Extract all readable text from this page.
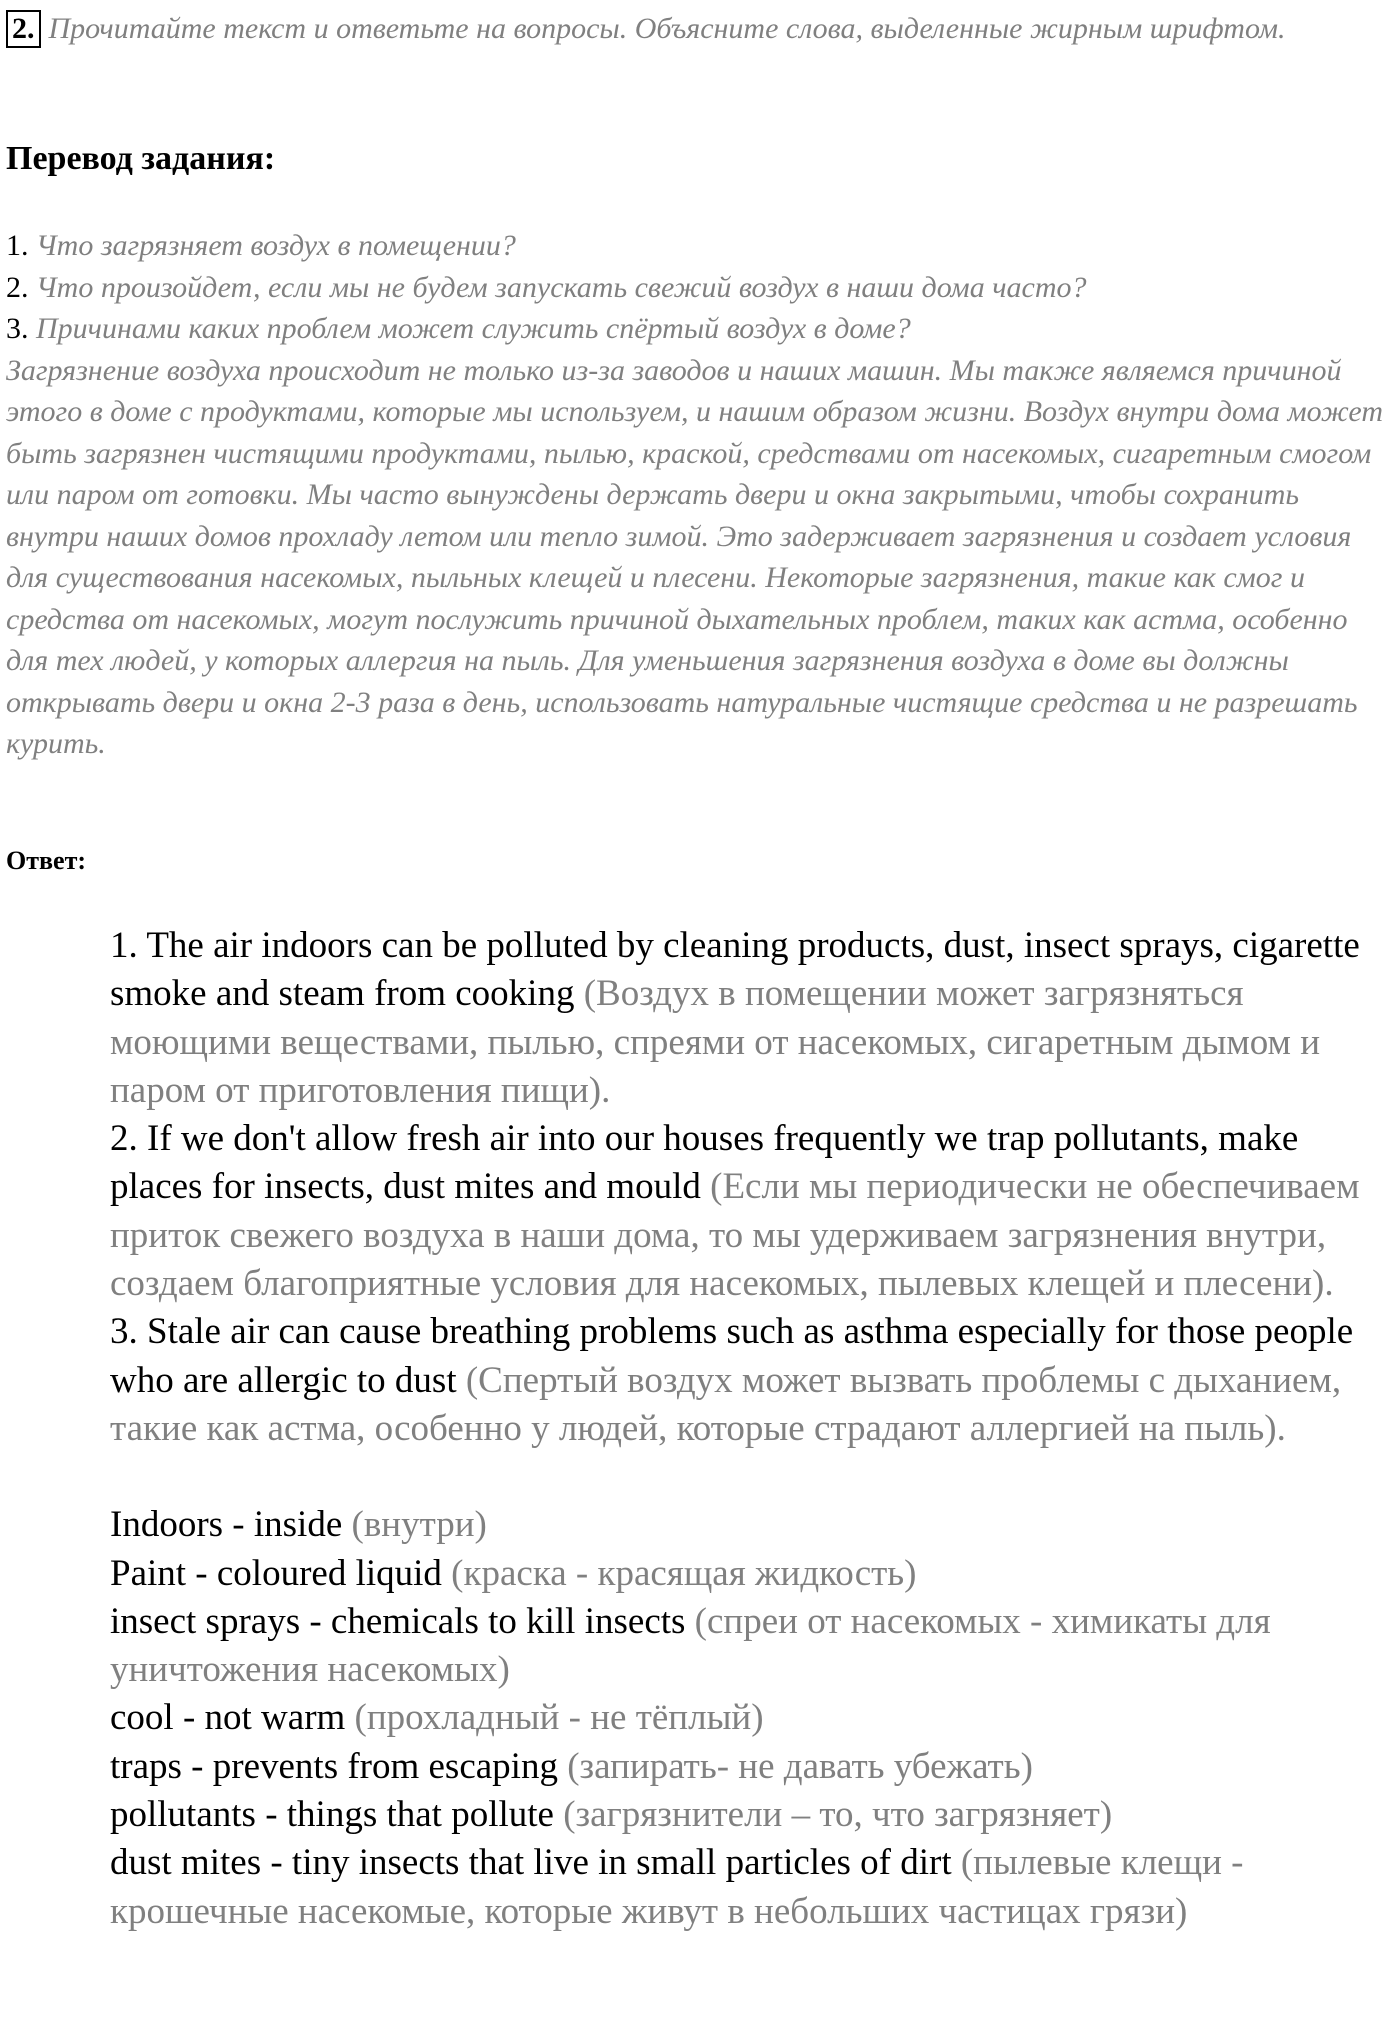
2. Прочитайте текст и ответьте на вопросы. Объясните слова, выделенные жирным шрифтом.
Перевод задания:
1. Что загрязняет воздух в помещении?
2. Что произойдет, если мы не будем запускать свежий воздух в наши дома часто?
3. Причинами каких проблем может служить спёртый воздух в доме?

Загрязнение воздуха происходит не только из-за заводов и наших машин. Мы также являемся причиной этого в доме с продуктами, которые мы используем, и нашим образом жизни. Воздух внутри дома может быть загрязнен чистящими продуктами, пылью, краской, средствами от насекомых, сигаретным смогом или паром от готовки. Мы часто вынуждены держать двери и окна закрытыми, чтобы сохранить внутри наших домов прохладу летом или тепло зимой. Это задерживает загрязнения и создает условия для существования насекомых, пыльных клещей и плесени. Некоторые загрязнения, такие как смог и средства от насекомых, могут послужить причиной дыхательных проблем, таких как астма, особенно для тех людей, у которых аллергия на пыль. Для уменьшения загрязнения воздуха в доме вы должны открывать двери и окна 2-3 раза в день, использовать натуральные чистящие средства и не разрешать курить.

Ответ:

1. The air indoors can be polluted by cleaning products, dust, insect sprays, cigarette smoke and steam from cooking (Воздух в помещении может загрязняться моющими веществами, пылью, спреями от насекомых, сигаретным дымом и паром от приготовления пищи).

2. If we don't allow fresh air into our houses frequently we trap pollutants, make places for insects, dust mites and mould (Если мы периодически не обеспечиваем приток свежего воздуха в наши дома, то мы удерживаем загрязнения внутри, создаем благоприятные условия для насекомых, пылевых клещей и плесени).

3. Stale air can cause breathing problems such as asthma especially for those people who are allergic to dust (Спертый воздух может вызвать проблемы с дыханием, такие как астма, особенно у людей, которые страдают аллергией на пыль).

Indoors - inside (внутри)

Paint - coloured liquid (краска - красящая жидкость)

insect sprays - chemicals to kill insects (спреи от насекомых - химикаты для уничтожения насекомых)

cool - not warm (прохладный - не тёплый)

traps - prevents from escaping (запирать- не давать убежать)

pollutants - things that pollute (загрязнители – то, что загрязняет)

dust mites - tiny insects that live in small particles of dirt (пылевые клещи - крошечные насекомые, которые живут в небольших частицах грязи)
